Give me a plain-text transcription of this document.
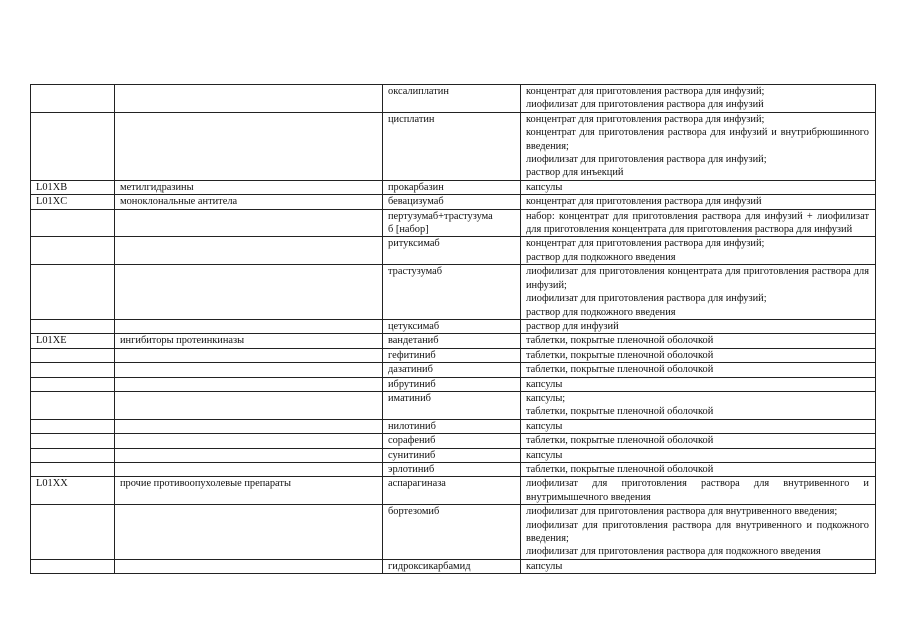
		оксалиплатин	концентрат для приготовления раствора для инфузий;
лиофилизат для приготовления раствора для инфузий
		цисплатин	концентрат для приготовления раствора для инфузий;
концентрат для приготовления раствора для инфузий и внутрибрюшинного введения;
лиофилизат для приготовления раствора для инфузий;
раствор для инъекций
L01XB	метилгидразины	прокарбазин	капсулы
L01XC	моноклональные антитела	бевацизумаб	концентрат для приготовления раствора для инфузий
		пертузумаб+трастузума
б [набор]	набор: концентрат для приготовления раствора для инфузий + лиофилизат для приготовления концентрата для приготовления раствора для инфузий
		ритуксимаб	концентрат для приготовления раствора для инфузий;
раствор для подкожного введения
		трастузумаб	лиофилизат для приготовления концентрата для приготовления раствора для инфузий;
лиофилизат для приготовления раствора для инфузий;
раствор для подкожного введения
		цетуксимаб	раствор для инфузий
L01XE	ингибиторы протеинкиназы	вандетаниб	таблетки, покрытые пленочной оболочкой
		гефитиниб	таблетки, покрытые пленочной оболочкой
		дазатиниб	таблетки, покрытые пленочной оболочкой
		ибрутиниб	капсулы
		иматиниб	капсулы;
таблетки, покрытые пленочной оболочкой
		нилотиниб	капсулы
		сорафениб	таблетки, покрытые пленочной оболочкой
		сунитиниб	капсулы
		эрлотиниб	таблетки, покрытые пленочной оболочкой
L01XX	прочие противоопухолевые препараты	аспарагиназа	лиофилизат для приготовления раствора для внутривенного и внутримышечного введения
		бортезомиб	лиофилизат для приготовления раствора для внутривенного введения;
лиофилизат для приготовления раствора для внутривенного и подкожного введения;
лиофилизат для приготовления раствора для подкожного введения
		гидроксикарбамид	капсулы
